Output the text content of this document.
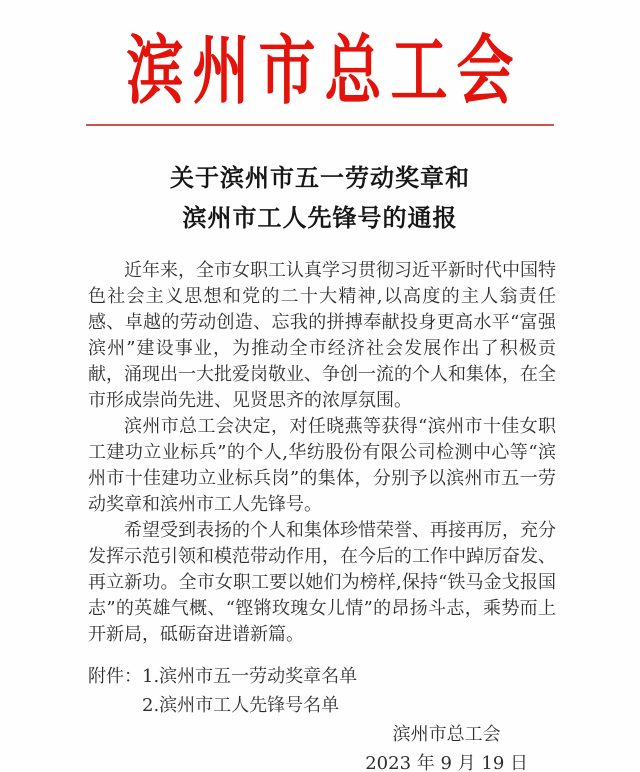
滨州市总工会
关于滨州市五一劳动奖章和
滨州市工人先锋号的通报

近年来，全市女职工认真学习贯彻习近平新时代中国特色社会主义思想和党的二十大精神,以高度的主人翁责任感、卓越的劳动创造、忘我的拼搏奉献投身更高水平“富强滨州”建设事业，为推动全市经济社会发展作出了积极贡献，涌现出一大批爱岗敬业、争创一流的个人和集体，在全市形成崇尚先进、见贤思齐的浓厚氛围。

滨州市总工会决定，对任晓燕等获得“滨州市十佳女职工建功立业标兵”的个人,华纺股份有限公司检测中心等“滨州市十佳建功立业标兵岗”的集体，分别予以滨州市五一劳动奖章和滨州市工人先锋号。

希望受到表扬的个人和集体珍惜荣誉、再接再厉，充分发挥示范引领和模范带动作用，在今后的工作中踔厉奋发、再立新功。全市女职工要以她们为榜样,保持“铁马金戈报国志”的英雄气概、“铿锵玫瑰女儿情”的昂扬斗志，乘势而上开新局，砥砺奋进谱新篇。

附件： 1.滨州市五一劳动奖章名单
2.滨州市工人先锋号名单
滨州市总工会
2023 年 9 月 19 日
